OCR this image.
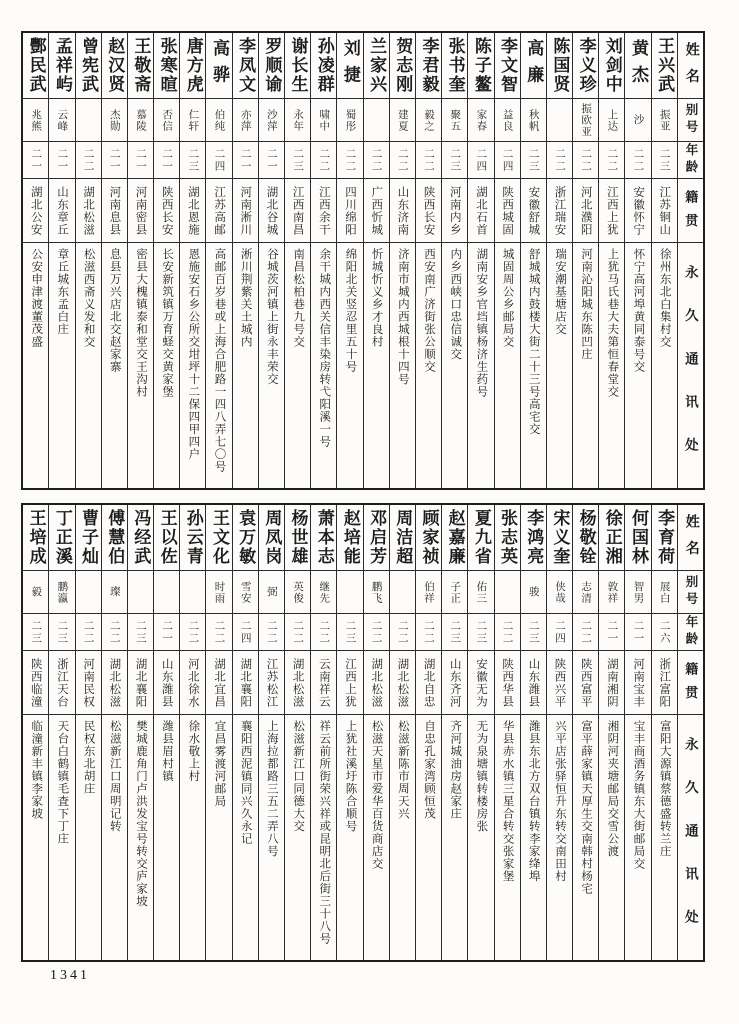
姓名
别号
年龄
籍贯
永久通讯处
王兴武
振亚
二三
江苏铜山
徐州东北白集村交
黄杰
沙
二二
安徽怀宁
怀宁高河埠黄同泰号交
刘剑中
上达
二二
江西上犹
上犹马氏巷大夫第恒春堂交
李义珍
振欧亚
二二
河北濮阳
河南沁阳城东陈凹庄
陈国贤
二二
浙江瑞安
瑞安潮基塘店交
高廉
秋帆
二三
安徽舒城
舒城城内鼓楼大街二十三号高宅交
李文智
益良
二四
陕西城固
城固周公乡邮局交
陈子鳌
家春
二四
湖北石首
湖南安乡官垱镇杨济生药号
张书奎
聚五
二三
河南内乡
内乡西峡口忠信诚交
李君毅
毅之
二二
陕西长安
西安南广济街张公顺交
贺志刚
建夏
二二
山东济南
济南市城内西城根十四号
兰家兴
二二
广西忻城
忻城忻义乡才良村
刘捷
蜀彤
二二
四川绵阳
绵阳北关竖忍里五十号
孙凌群
啸中
二二
江西余干
余干城内西关信丰染房转弋阳溪一号
谢长生
永年
二三
江西南昌
南昌松柏巷九号交
罗顺谕
沙萍
二一
湖北谷城
谷城茨河镇上街永丰荣交
李凤文
亦萍
二一
河南淅川
淅川荆紫关土城内
高骅
伯纯
二四
江苏高邮
高邮百岁巷或上海合肥路一四八弄七〇号
唐方虎
仁轩
二三
湖北恩施
恩施安石乡公所交坩坪十二保四甲四户
张寒暄
否信
二一
陕西长安
长安新筑镇万育蛏交黄家堡
王敬斋
慕陵
二一
河南密县
密县大槐镇泰和堂交王沟村
赵汉贤
杰勋
二一
河南息县
息县万兴店北交赵家寨
曾宪武
二二
湖北松滋
松滋西斋义发和交
孟祥屿
云峰
二一
山东章丘
章丘城东孟白庄
酆民武
兆熊
二一
湖北公安
公安申津渡董茂盛
姓名
别号
年龄
籍贯
永久通讯处
李育荷
展白
二六
浙江富阳
富阳大源镇蔡德盛转兰庄
何国林
智男
二一
河南宝丰
宝丰商酒务镇东大街邮局交
徐正湘
敦祥
二一
湖南湘阴
湘阴河夹塘邮局交雪公渡
杨敬铨
志清
二二
陕西富平
富平薛家镇天厚生交南韩村杨宅
宋义奎
侠哉
二四
陕西兴平
兴平店张驿恒升东转交南田村
李鸿亮
骏
二三
山东潍县
潍县东北方双台镇转李家绛埠
张志英
二二
陕西华县
华县赤水镇三星合转交张家堡
夏九省
佑三
二三
安徽无为
无为泉塘镇转楼房张
赵嘉廉
子正
二三
山东齐河
齐河城油房赵家庄
顾家祯
伯祥
二二
湖北自忠
自忠孔家湾顾恒茂
周洁超
二二
湖北松滋
松滋新陈市周天兴
邓启芳
鹏飞
二二
湖北松滋
松滋天星市爱华百货商店交
赵培能
二三
江西上犹
上犹社溪圩陈合顺号
萧本志
继先
二二
云南祥云
祥云前所街荣兴祥或昆明北后街三十八号
杨世雄
英俊
二二
湖北松滋
松滋新江口同德大交
周凤岗
弼
二二
江苏松江
上海拉都路三五二弄八号
袁万敏
雪安
二四
湖北襄阳
襄阳西泥镇同兴久永记
王文化
时雨
二二
湖北宜昌
宜昌雾渡河邮局
孙云青
二二
河北徐水
徐水敬上村
王以佐
二一
山东潍县
潍县眉村镇
冯经武
二三
湖北襄阳
樊城鹿角门卢洪发宝号转交庐家坡
傅慧伯
璨
二二
湖北松滋
松滋新江口周明记转
曹子灿
二二
河南民权
民权东北胡庄
丁正溪
鹏瀛
二三
浙江天台
天台白鹤镇毛査下丁庄
王培成
毅
二三
陕西临潼
临潼新丰镇李家坡
1341
